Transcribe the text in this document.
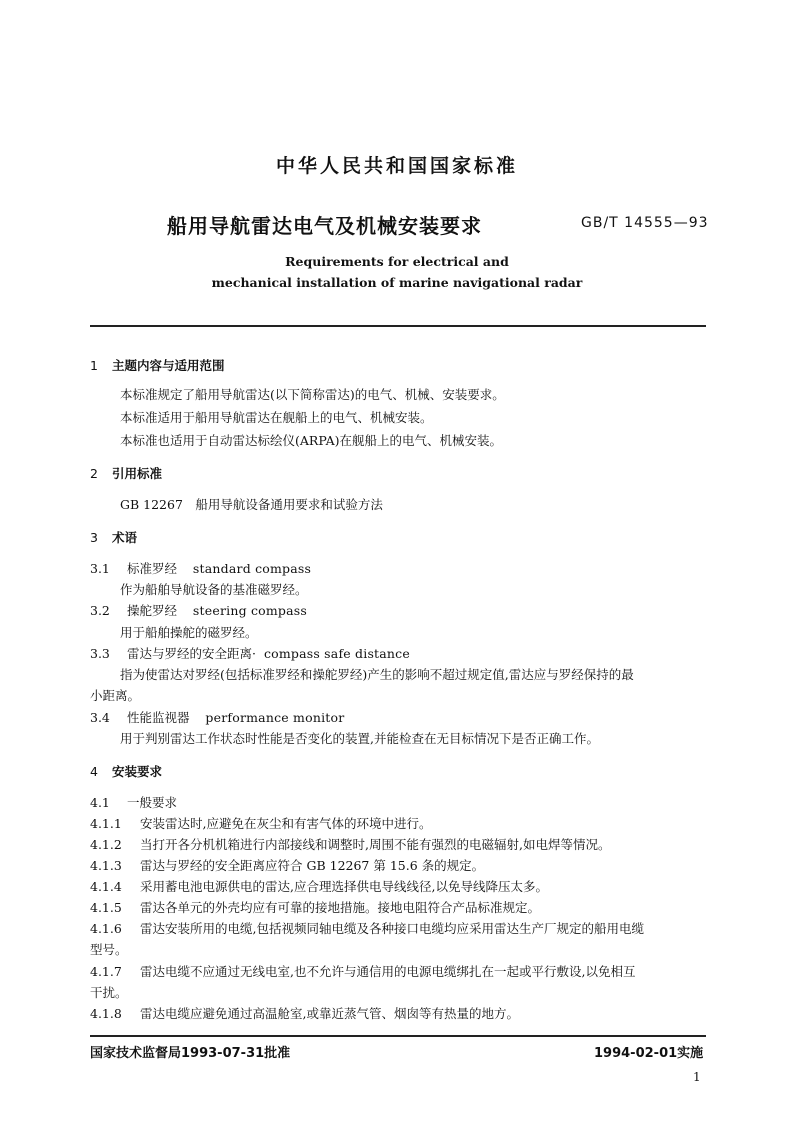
中华人民共和国国家标准
船用导航雷达电气及机械安装要求	GB/T 14555—93
Requirements for electrical and
mechanical installation of marine navigational radar
1 主题内容与适用范围
本标准规定了船用导航雷达(以下简称雷达)的电气、机械、安装要求。
本标准适用于船用导航雷达在舰船上的电气、机械安装。
本标准也适用于自动雷达标绘仪(ARPA)在舰船上的电气、机械安装。
2 引用标准
GB 12267　船用导航设备通用要求和试验方法
3 术语
3.1 标准罗经 standard compass
作为船舶导航设备的基准磁罗经。
3.2 操舵罗经 steering compass
用于船舶操舵的磁罗经。
3.3 雷达与罗经的安全距离· compass safe distance
指为使雷达对罗经(包括标准罗经和操舵罗经)产生的影响不超过规定值,雷达应与罗经保持的最
小距离。
3.4 性能监视器 performance monitor
用于判别雷达工作状态时性能是否变化的装置,并能检查在无目标情况下是否正确工作。
4 安装要求
4.1 一般要求
4.1.1 安装雷达时,应避免在灰尘和有害气体的环境中进行。
4.1.2 当打开各分机机箱进行内部接线和调整时,周围不能有强烈的电磁辐射,如电焊等情况。
4.1.3 雷达与罗经的安全距离应符合 GB 12267 第 15.6 条的规定。
4.1.4 采用蓄电池电源供电的雷达,应合理选择供电导线线径,以免导线降压太多。
4.1.5 雷达各单元的外壳均应有可靠的接地措施。接地电阻符合产品标准规定。
4.1.6 雷达安装所用的电缆,包括视频同轴电缆及各种接口电缆均应采用雷达生产厂规定的船用电缆
型号。
4.1.7 雷达电缆不应通过无线电室,也不允许与通信用的电源电缆绑扎在一起或平行敷设,以免相互
干扰。
4.1.8 雷达电缆应避免通过高温舱室,或靠近蒸气管、烟囱等有热量的地方。
国家技术监督局1993-07-31批准	1994-02-01实施
1
